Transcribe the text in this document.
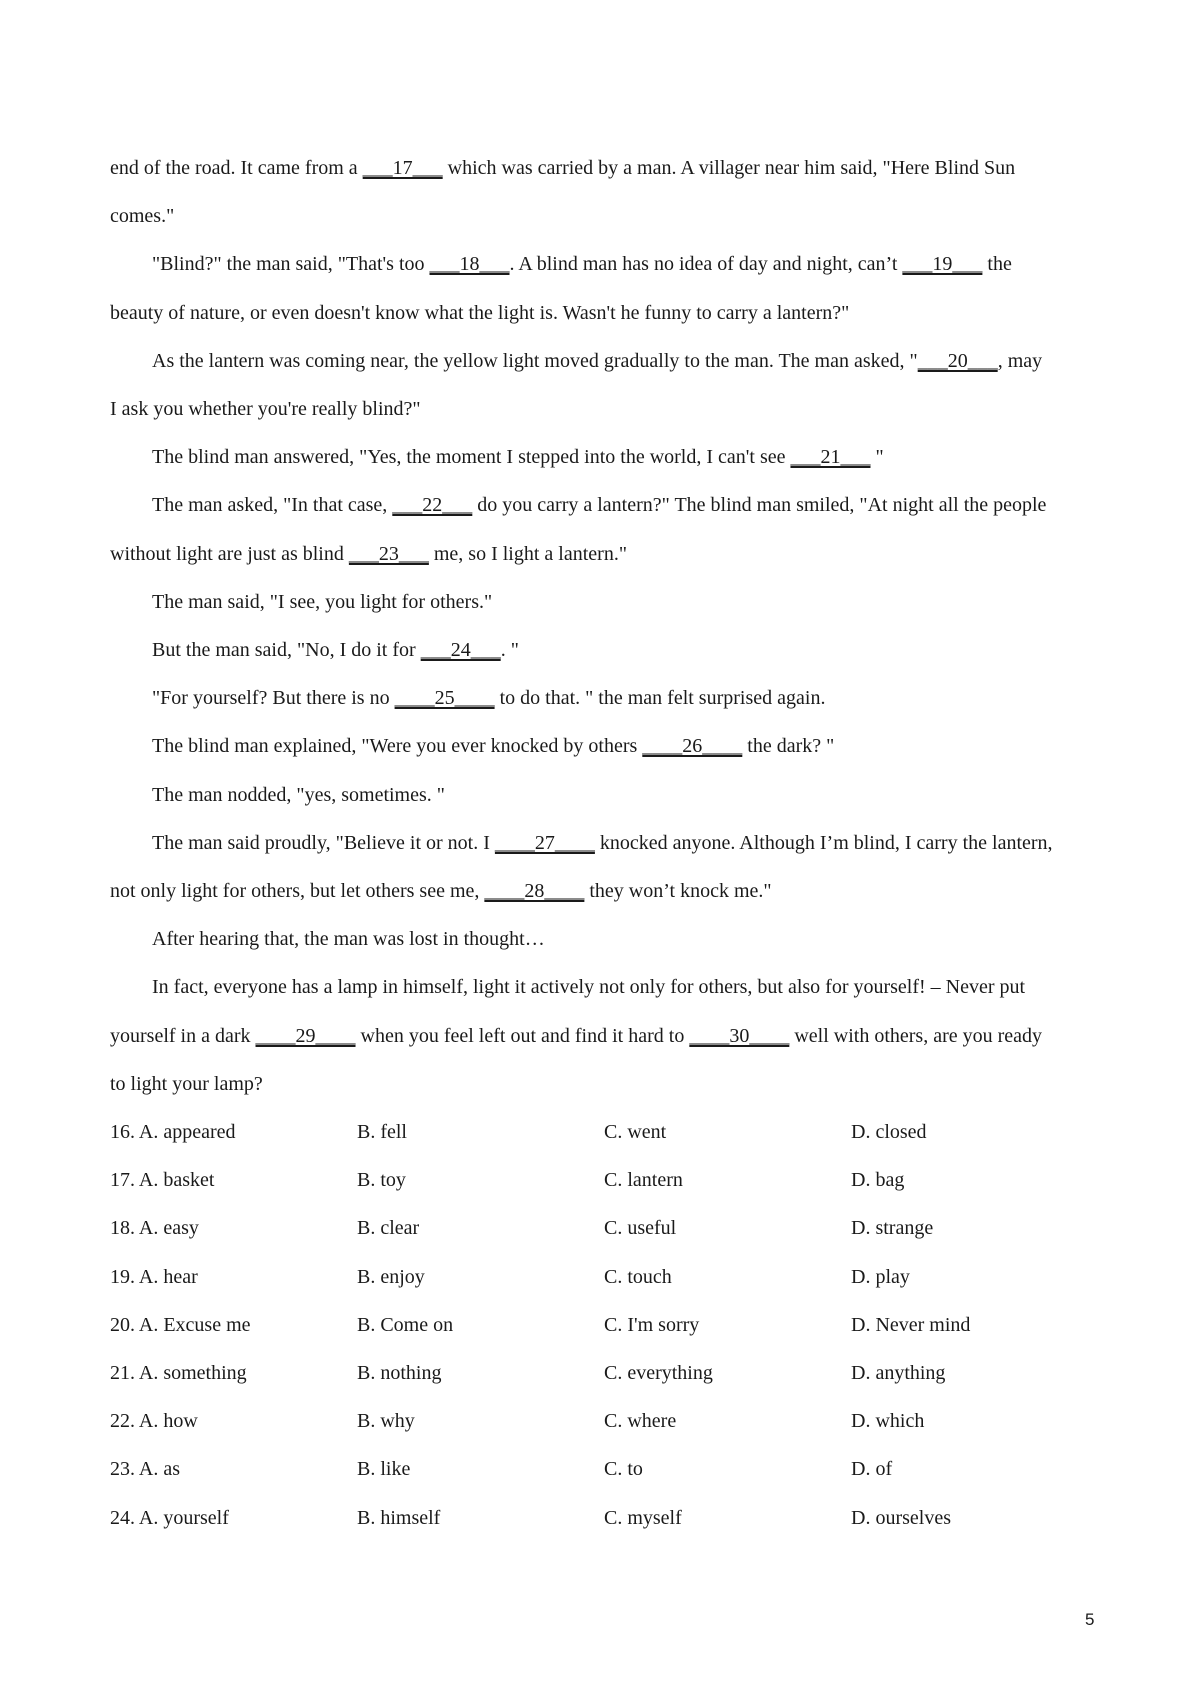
end of the road. It came from a ___17___ which was carried by a man. A villager near him said, "Here Blind Sun
comes."
"Blind?" the man said, "That's too ___18___. A blind man has no idea of day and night, can’t ___19___ the
beauty of nature, or even doesn't know what the light is. Wasn't he funny to carry a lantern?"
As the lantern was coming near, the yellow light moved gradually to the man. The man asked, "___20___, may
I ask you whether you're really blind?"
The blind man answered, "Yes, the moment I stepped into the world, I can't see ___21___ "
The man asked, "In that case, ___22___ do you carry a lantern?" The blind man smiled, "At night all the people
without light are just as blind ___23___ me, so I light a lantern."
The man said, "I see, you light for others."
But the man said, "No, I do it for ___24___. "
"For yourself? But there is no ____25____ to do that. " the man felt surprised again.
The blind man explained, "Were you ever knocked by others ____26____ the dark? "
The man nodded, "yes, sometimes. "
The man said proudly, "Believe it or not. I ____27____ knocked anyone. Although I’m blind, I carry the lantern,
not only light for others, but let others see me, ____28____ they won’t knock me."
After hearing that, the man was lost in thought…
In fact, everyone has a lamp in himself, light it actively not only for others, but also for yourself! – Never put
yourself in a dark ____29____ when you feel left out and find it hard to ____30____ well with others, are you ready
to light your lamp?
16. A. appeared	B. fell	C. went	D. closed
17. A. basket	B. toy	C. lantern	D. bag
18. A. easy	B. clear	C. useful	D. strange
19. A. hear	B. enjoy	C. touch	D. play
20. A. Excuse me	B. Come on	C. I'm sorry	D. Never mind
21. A. something	B. nothing	C. everything	D. anything
22. A. how	B. why	C. where	D. which
23. A. as	B. like	C. to	D. of
24. A. yourself	B. himself	C. myself	D. ourselves
5
